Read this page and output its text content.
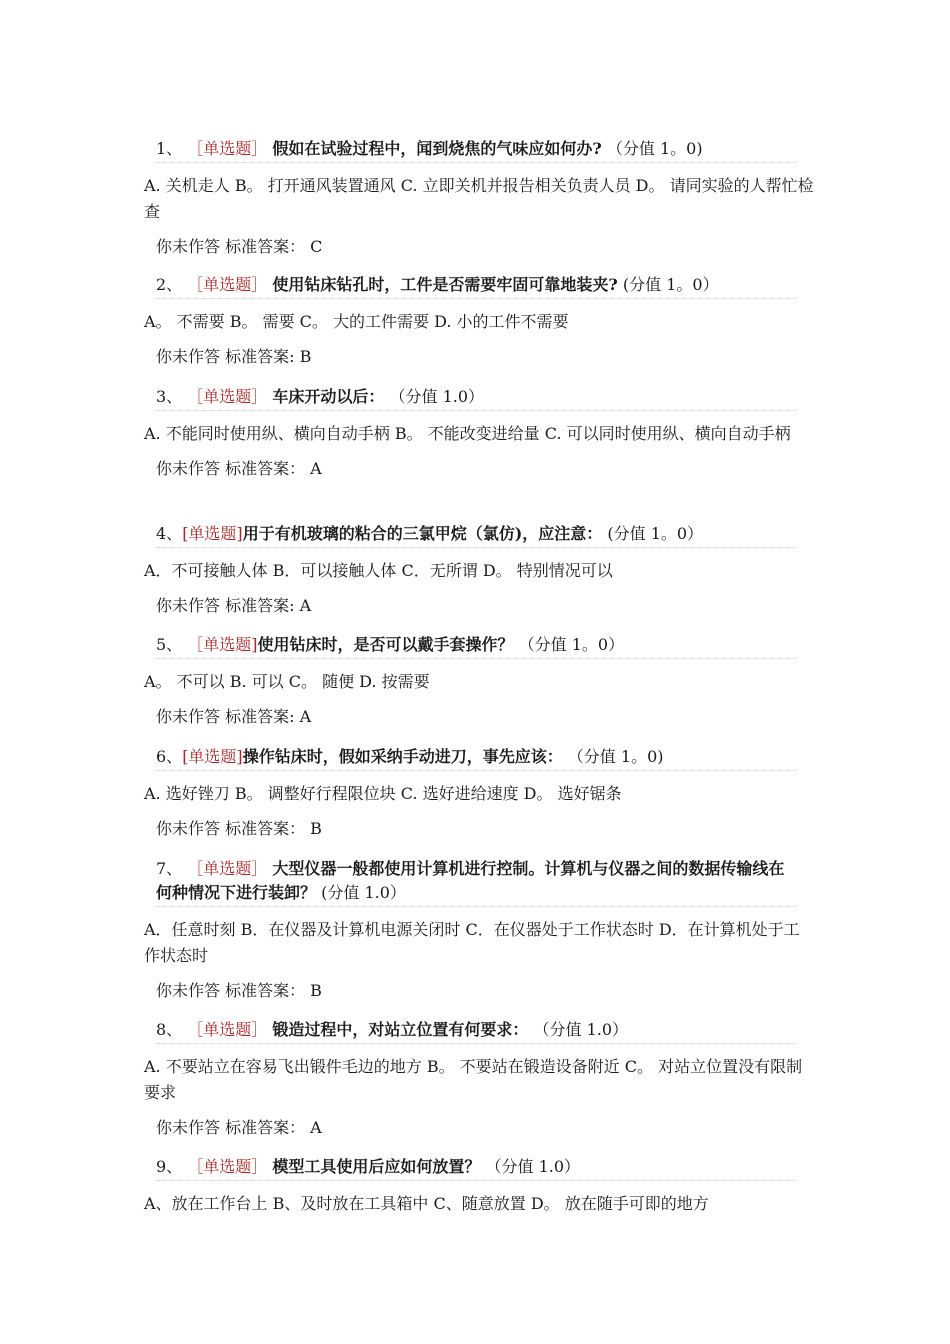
1、 ［单选题］ 假如在试验过程中，闻到烧焦的气味应如何办? （分值 1。0)
A. 关机走人 B。 打开通风装置通风 C. 立即关机并报告相关负责人员 D。 请同实验的人帮忙检查
你未作答 标准答案： C
2、 ［单选题］ 使用钻床钻孔时，工件是否需要牢固可靠地装夹? (分值 1。0）
A。 不需要 B。 需要 C。 大的工件需要 D. 小的工件不需要
你未作答 标准答案: B
3、 ［单选题］ 车床开动以后： （分值 1.0）
A. 不能同时使用纵、横向自动手柄 B。 不能改变进给量 C. 可以同时使用纵、横向自动手柄
你未作答 标准答案： A
4、[单选题]用于有机玻璃的粘合的三氯甲烷（氯仿)，应注意： (分值 1。0）
A．不可接触人体 B．可以接触人体 C．无所谓 D。 特别情况可以
你未作答 标准答案: A
5、 ［单选题]使用钻床时，是否可以戴手套操作？ （分值 1。0）
A。 不可以 B. 可以 C。 随便 D. 按需要
你未作答 标准答案: A
6、[单选题]操作钻床时，假如采纳手动进刀，事先应该： （分值 1。0)
A. 选好锉刀 B。 调整好行程限位块 C. 选好进给速度 D。 选好锯条
你未作答 标准答案： B
7、 ［单选题］ 大型仪器一般都使用计算机进行控制。计算机与仪器之间的数据传输线在何种情况下进行装卸？ (分值 1.0）
A．任意时刻 B．在仪器及计算机电源关闭时 C．在仪器处于工作状态时 D．在计算机处于工作状态时
你未作答 标准答案： B
8、 ［单选题］ 锻造过程中，对站立位置有何要求： （分值 1.0）
A. 不要站立在容易飞出锻件毛边的地方 B。 不要站在锻造设备附近 C。 对站立位置没有限制要求
你未作答 标准答案： A
9、 ［单选题］ 模型工具使用后应如何放置？ （分值 1.0）
A、放在工作台上 B、及时放在工具箱中 C、随意放置 D。 放在随手可即的地方
